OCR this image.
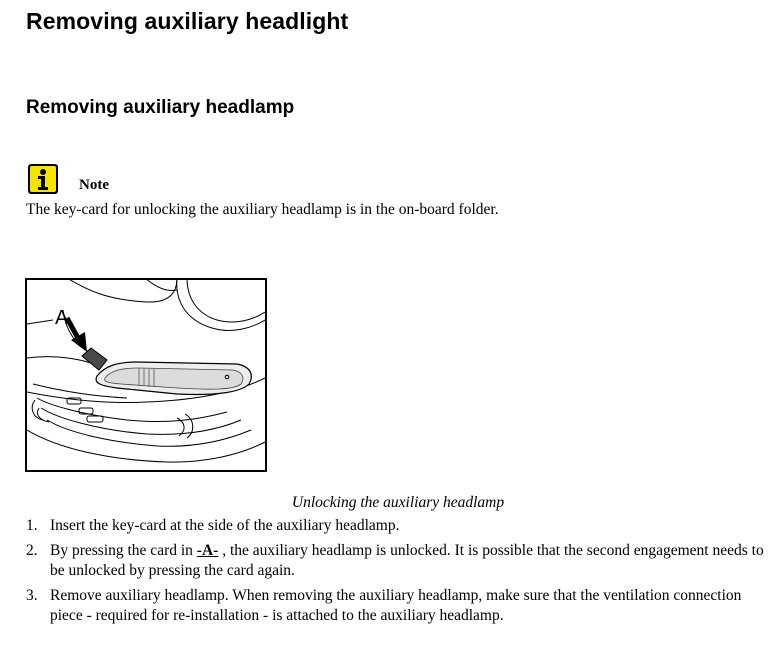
Removing auxiliary headlight
Removing auxiliary headlamp
Note
The key-card for unlocking the auxiliary headlamp is in the on-board folder.
A
Unlocking the auxiliary headlamp
1. Insert the key-card at the side of the auxiliary headlamp.
2. By pressing the card in -A- , the auxiliary headlamp is unlocked. It is possible that the second engagement needs to be unlocked by pressing the card again.
3. Remove auxiliary headlamp. When removing the auxiliary headlamp, make sure that the ventilation connection piece - required for re-installation - is attached to the auxiliary headlamp.
